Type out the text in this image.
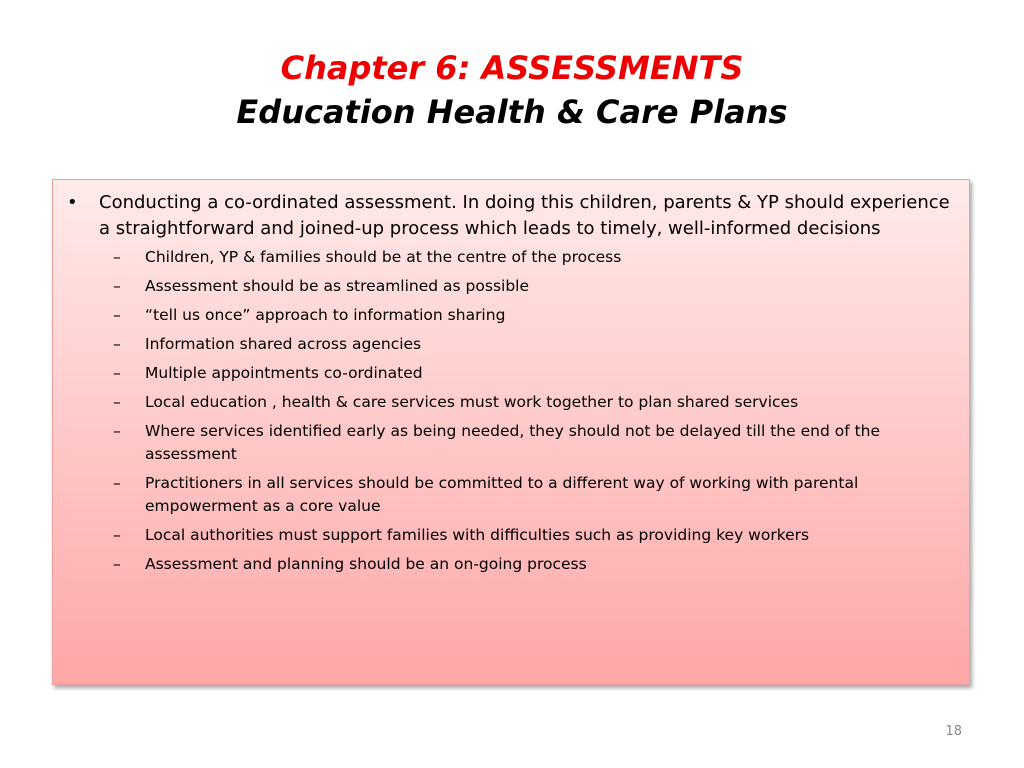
Chapter 6: ASSESSMENTS
Education Health & Care Plans
• Conducting a co-ordinated assessment. In doing this children, parents & YP should experience a straightforward and joined-up process which leads to timely, well-informed decisions
– Children, YP & families should be at the centre of the process
– Assessment should be as streamlined as possible
– “tell us once” approach to information sharing
– Information shared across agencies
– Multiple appointments co-ordinated
– Local education , health & care services must work together to plan shared services
– Where services identified early as being needed, they should not be delayed till the end of the assessment
– Practitioners in all services should be committed to a different way of working with parental empowerment as a core value
– Local authorities must support families with difficulties such as providing key workers
– Assessment and planning should be an on-going process
18
